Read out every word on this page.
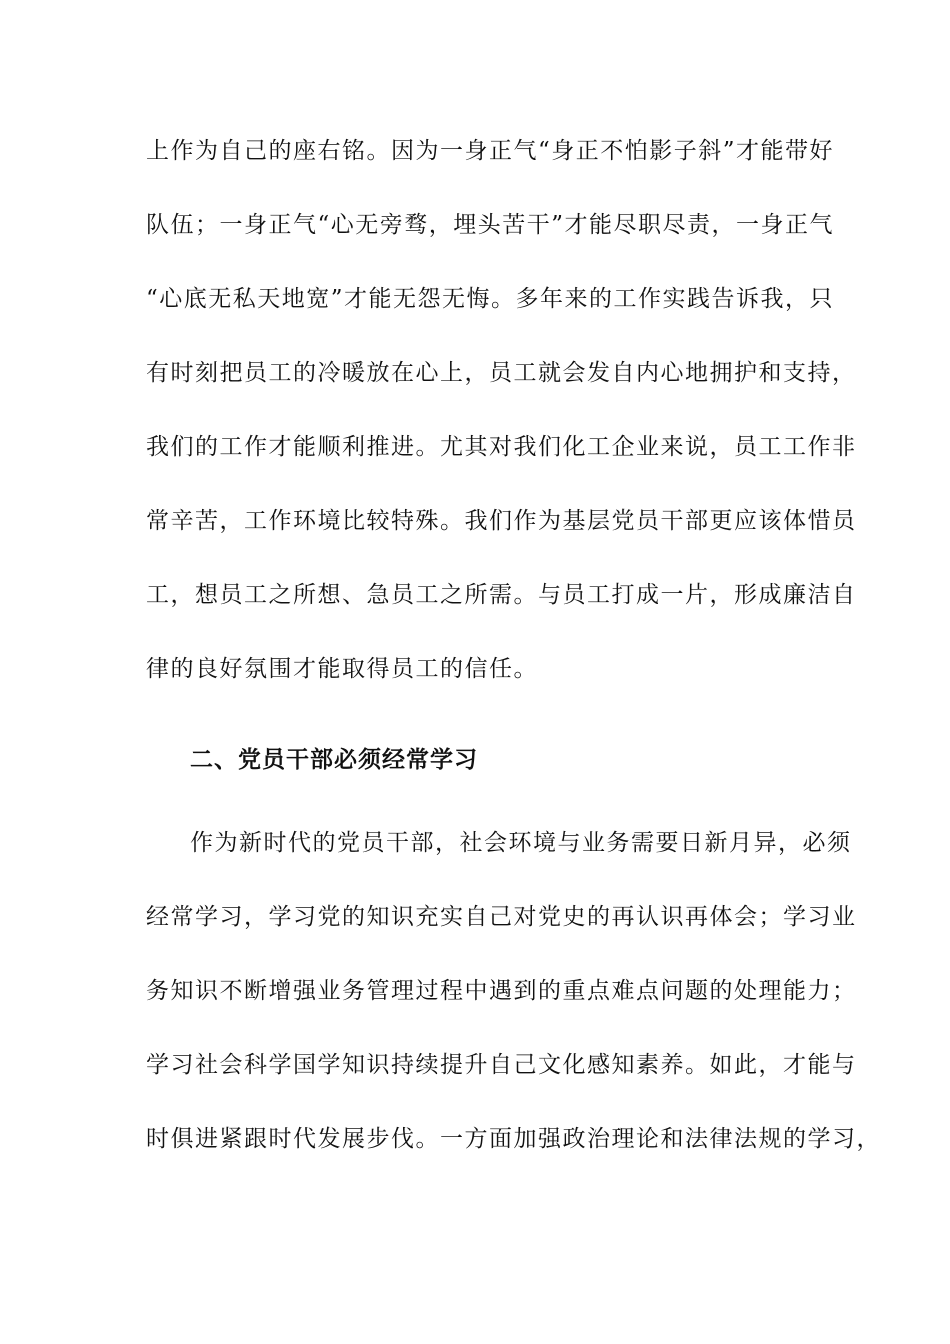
上作为自己的座右铭。因为一身正气“身正不怕影子斜”才能带好
队伍；一身正气“心无旁骛，埋头苦干”才能尽职尽责，一身正气
“心底无私天地宽”才能无怨无悔。多年来的工作实践告诉我，只
有时刻把员工的冷暖放在心上，员工就会发自内心地拥护和支持，
我们的工作才能顺利推进。尤其对我们化工企业来说，员工工作非
常辛苦，工作环境比较特殊。我们作为基层党员干部更应该体惜员
工，想员工之所想、急员工之所需。与员工打成一片，形成廉洁自
律的良好氛围才能取得员工的信任。
二、党员干部必须经常学习
作为新时代的党员干部，社会环境与业务需要日新月异，必须
经常学习，学习党的知识充实自己对党史的再认识再体会；学习业
务知识不断增强业务管理过程中遇到的重点难点问题的处理能力；
学习社会科学国学知识持续提升自己文化感知素养。如此，才能与
时俱进紧跟时代发展步伐。一方面加强政治理论和法律法规的学习，
